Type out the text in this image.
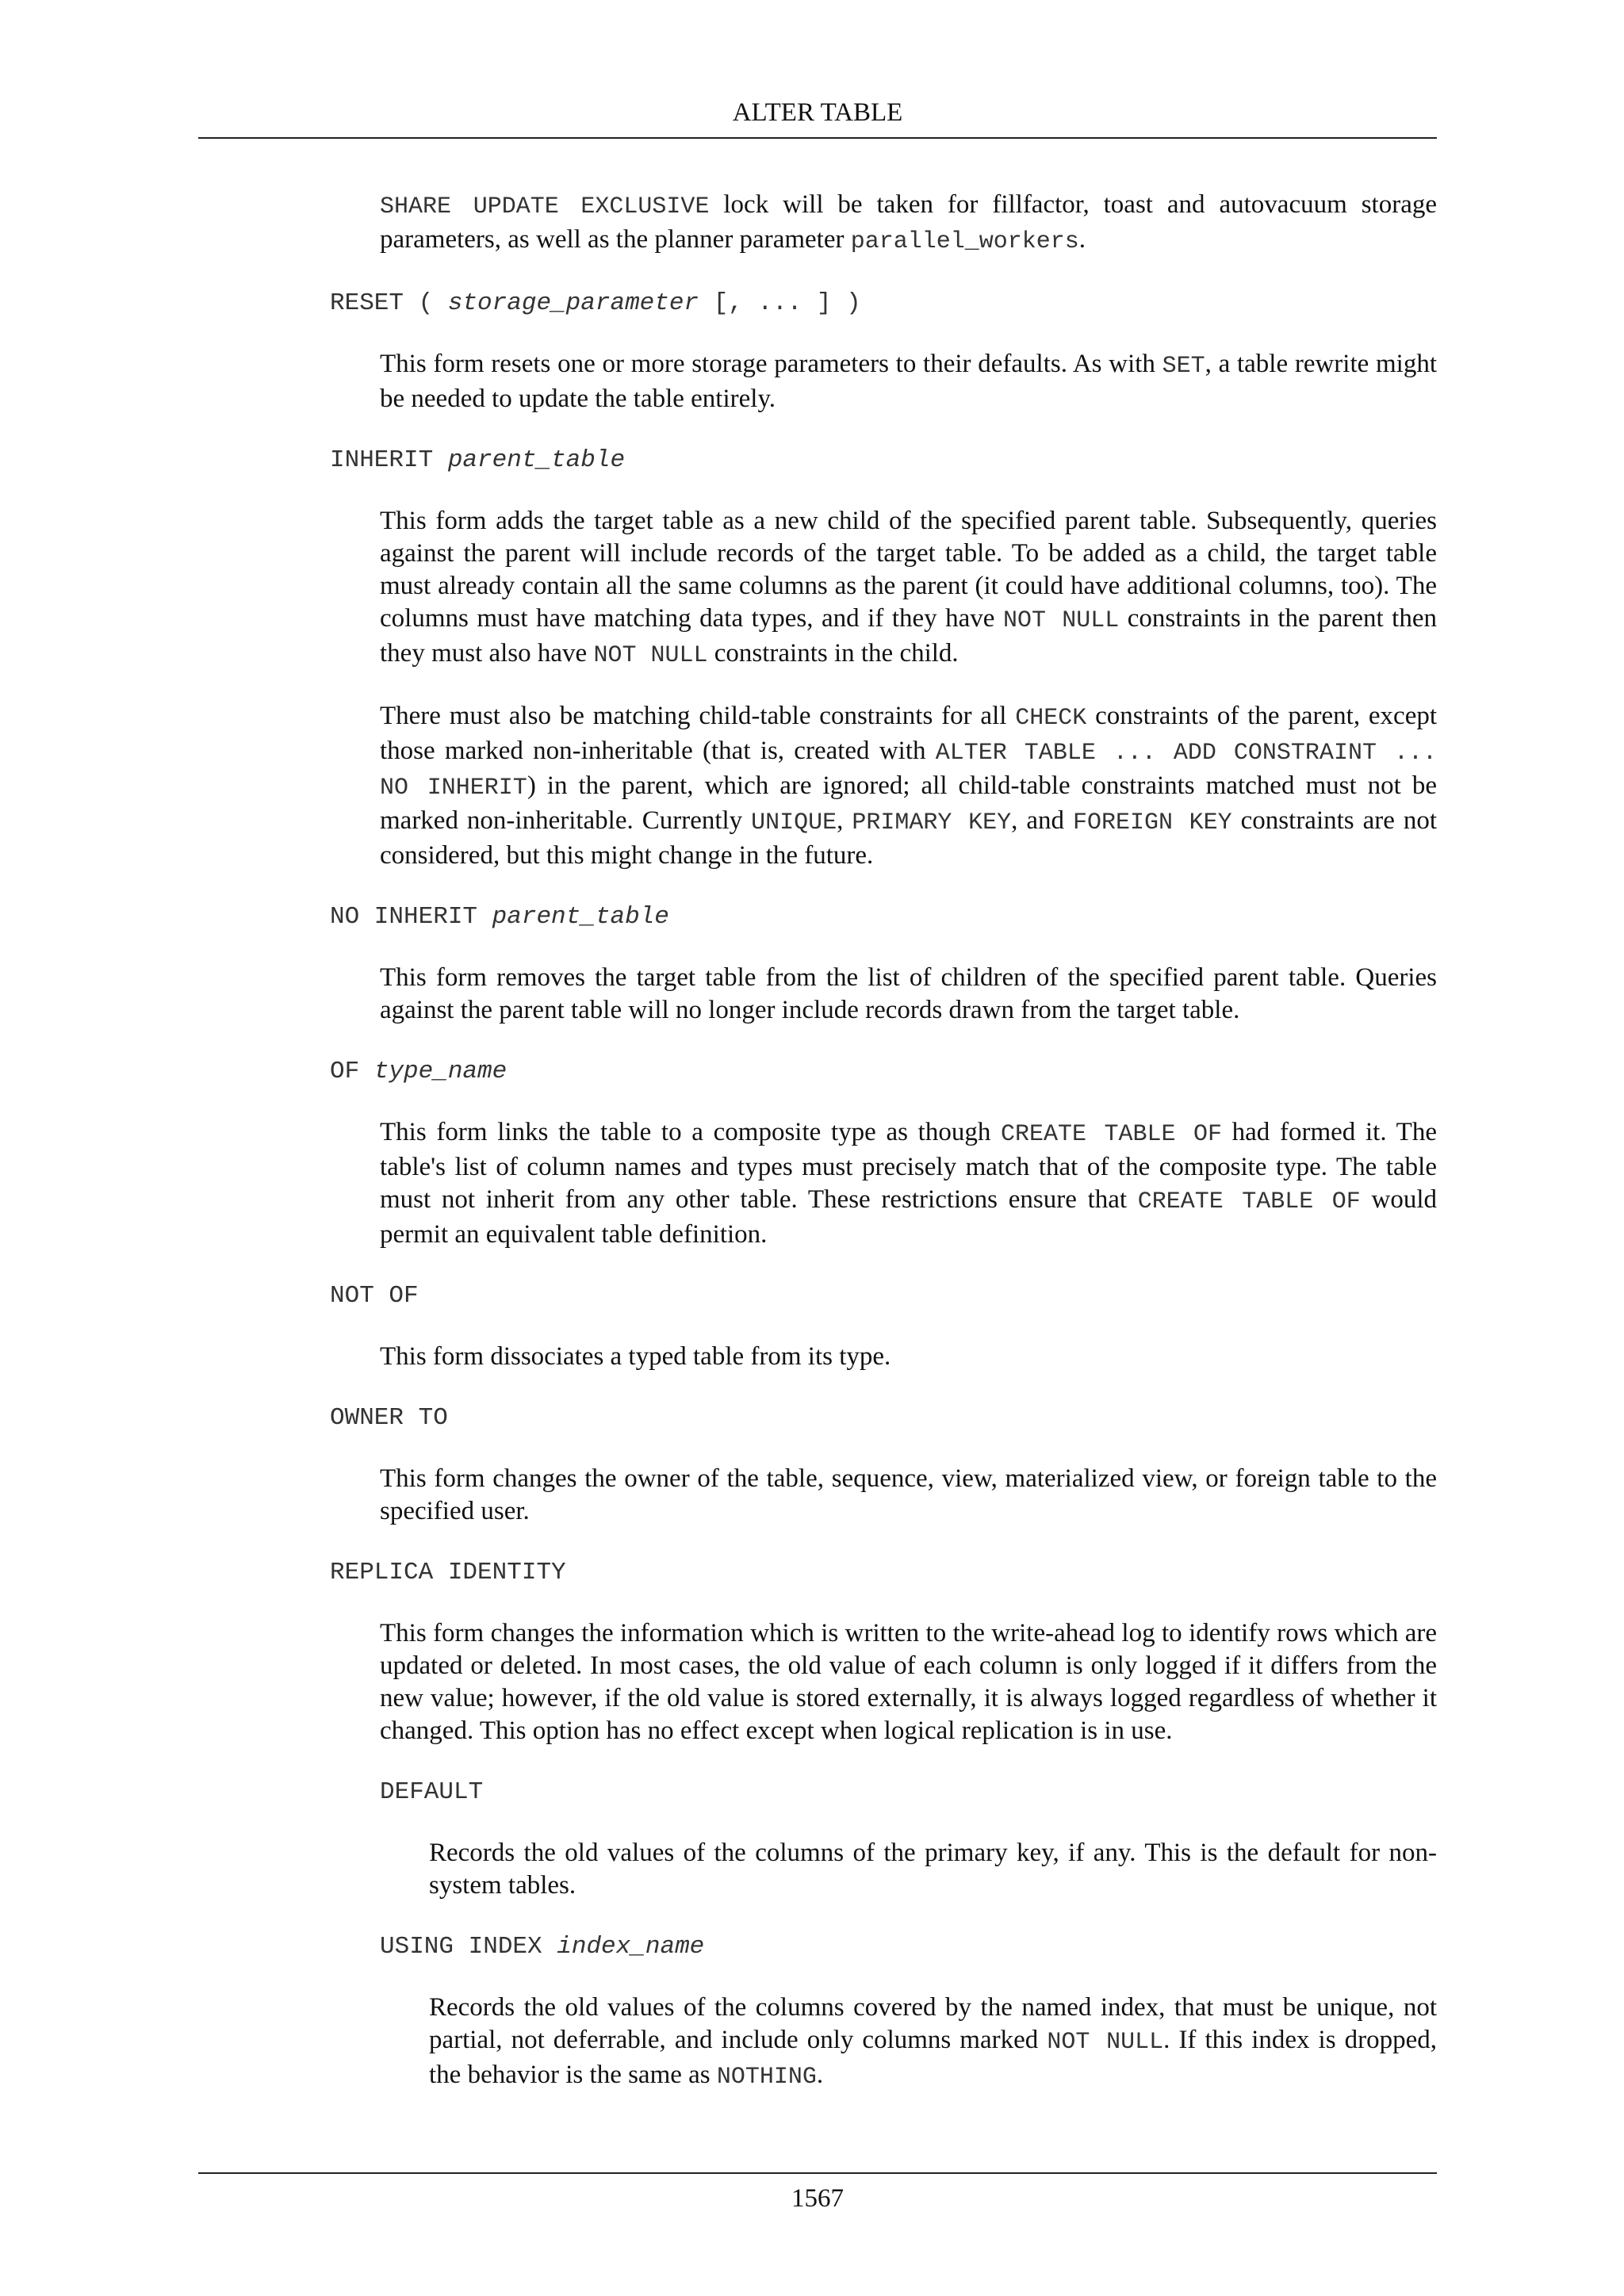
ALTER TABLE

SHARE UPDATE EXCLUSIVE lock will be taken for fillfactor, toast and autovacuum storage parameters, as well as the planner parameter parallel_workers.

RESET ( storage_parameter [, ... ] )

This form resets one or more storage parameters to their defaults. As with SET, a table rewrite might be needed to update the table entirely.

INHERIT parent_table

This form adds the target table as a new child of the specified parent table. Subsequently, queries against the parent will include records of the target table. To be added as a child, the target table must already contain all the same columns as the parent (it could have additional columns, too). The columns must have matching data types, and if they have NOT NULL constraints in the parent then they must also have NOT NULL constraints in the child.

There must also be matching child-table constraints for all CHECK constraints of the parent, except those marked non-inheritable (that is, created with ALTER TABLE ... ADD CONSTRAINT ... NO INHERIT) in the parent, which are ignored; all child-table constraints matched must not be marked non-inheritable. Currently UNIQUE, PRIMARY KEY, and FOREIGN KEY constraints are not considered, but this might change in the future.

NO INHERIT parent_table

This form removes the target table from the list of children of the specified parent table. Queries against the parent table will no longer include records drawn from the target table.

OF type_name

This form links the table to a composite type as though CREATE TABLE OF had formed it. The table's list of column names and types must precisely match that of the composite type. The table must not inherit from any other table. These restrictions ensure that CREATE TABLE OF would permit an equivalent table definition.

NOT OF

This form dissociates a typed table from its type.

OWNER TO

This form changes the owner of the table, sequence, view, materialized view, or foreign table to the specified user.

REPLICA IDENTITY

This form changes the information which is written to the write-ahead log to identify rows which are updated or deleted. In most cases, the old value of each column is only logged if it differs from the new value; however, if the old value is stored externally, it is always logged regardless of whether it changed. This option has no effect except when logical replication is in use.

DEFAULT

Records the old values of the columns of the primary key, if any. This is the default for non-system tables.

USING INDEX index_name

Records the old values of the columns covered by the named index, that must be unique, not partial, not deferrable, and include only columns marked NOT NULL. If this index is dropped, the behavior is the same as NOTHING.

1567
